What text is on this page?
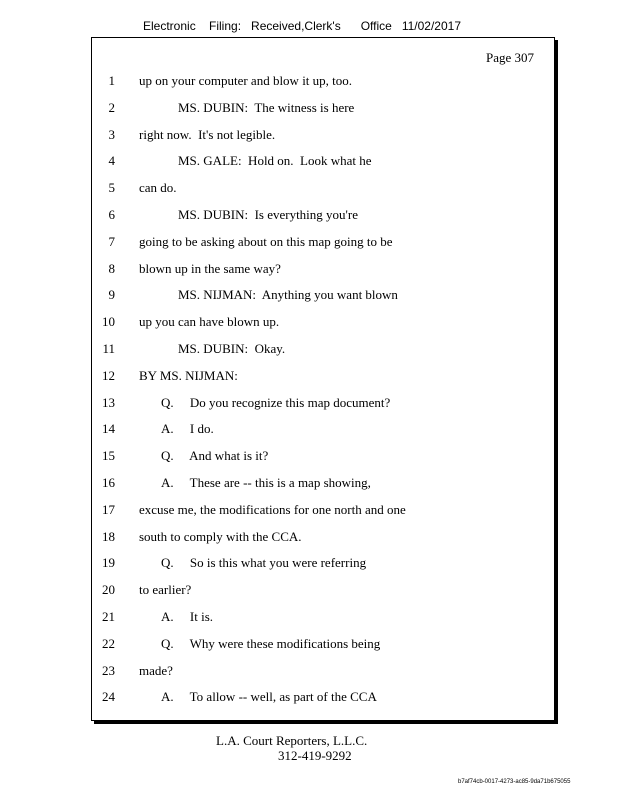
Electronic    Filing:   Received,Clerk's      Office   11/02/2017
Page 307
1 up on your computer and blow it up, too.
2	MS. DUBIN:  The witness is here
3 right now.  It's not legible.
4	MS. GALE:  Hold on.  Look what he
5 can do.
6	MS. DUBIN:  Is everything you're
7 going to be asking about on this map going to be
8 blown up in the same way?
9	MS. NIJMAN:  Anything you want blown
10 up you can have blown up.
11	MS. DUBIN:  Okay.
12 BY MS. NIJMAN:
13	Q.     Do you recognize this map document?
14	A.     I do.
15	Q.     And what is it?
16	A.     These are -- this is a map showing,
17 excuse me, the modifications for one north and one
18 south to comply with the CCA.
19	Q.     So is this what you were referring
20 to earlier?
21	A.     It is.
22	Q.     Why were these modifications being
23 made?
24	A.     To allow -- well, as part of the CCA
L.A. Court Reporters, L.L.C.
312-419-9292
b7af74cb-0017-4273-ac85-9da71b675055
